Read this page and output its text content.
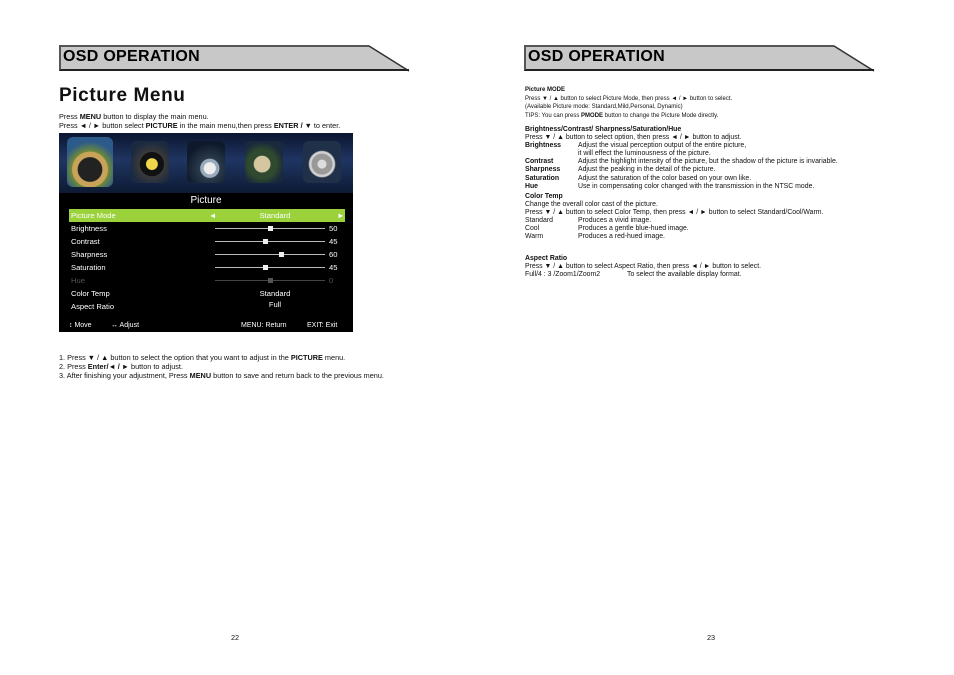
OSD OPERATION
Picture Menu
Press MENU button to display the main menu.
Press ◄ / ► button select PICTURE in the main menu,then press ENTER / ▼ to enter.
Picture
Picture Mode	◄	Standard	►
Brightness	50
Contrast	45
Sharpness	60
Saturation	45
Hue	0
Color Temp	Standard
Aspect Ratio	Full
↕ Move	↔ Adjust	MENU: Return	EXIT: Exit
1. Press ▼ / ▲ button to select the option that you want to adjust in the PICTURE menu.
2. Press Enter/◄ / ► button to adjust.
3. After finishing your adjustment, Press MENU button to save and return back to the previous menu.
22
OSD OPERATION
Picture MODE
Press ▼ / ▲ button to select Picture Mode, then press ◄ / ► button to select.
(Available Picture mode: Standard,Mild,Personal, Dynamic)
TIPS: You can press PMODE button to change the Picture Mode directly.
Brightness/Contrast/ Sharpness/Saturation/Hue
Press ▼ / ▲ button to select option, then press ◄ / ► button to adjust.
Brightness Adjust the visual perception output of the entire picture,
it will effect the luminousness of the picture.
Contrast	Adjust the highlight intensity of the picture, but the shadow of the picture is invariable.
Sharpness	Adjust the peaking in the detail of the picture.
Saturation	Adjust the saturation of the color based on your own like.
Hue	Use in compensating color changed with the transmission in the NTSC mode.
Color Temp
Change the overall color cast of the picture.
Press ▼ / ▲ button to select Color Temp, then press ◄ / ► button to select Standard/Cool/Warm.
Standard	Produces a vivid image.
Cool	Produces a gentle blue-hued image.
Warm	Produces a red-hued image.
Aspect Ratio
Press ▼ / ▲ button to select Aspect Ratio, then press ◄ / ► button to select.
Full/4 : 3 /Zoom1/Zoom2	To select the available display format.
23
